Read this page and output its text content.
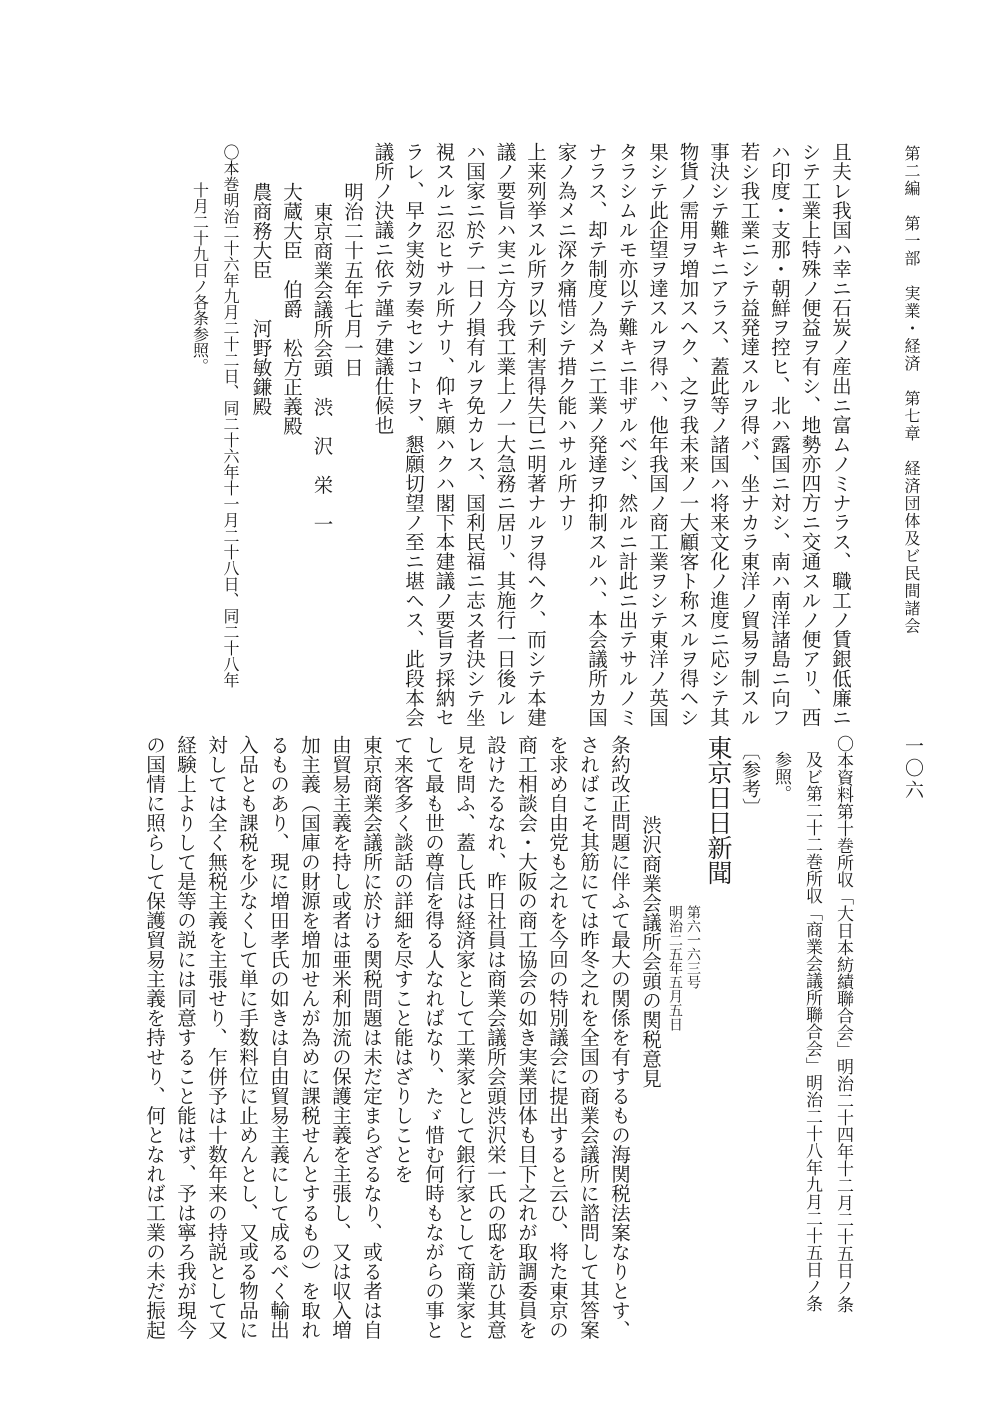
第二編　第一部　実業・経済　第七章　経済団体及ビ民間諸会
一〇六

且夫レ我国ハ幸ニ石炭ノ産出ニ富ムノミナラス、職工ノ賃銀低廉ニ

シテ工業上特殊ノ便益ヲ有シ、地勢亦四方ニ交通スルノ便アリ、西

ハ印度・支那・朝鮮ヲ控ヒ、北ハ露国ニ対シ、南ハ南洋諸島ニ向フ

若シ我工業ニシテ益発達スルヲ得バ、坐ナカラ東洋ノ貿易ヲ制スル

事決シテ難キニアラス、蓋此等ノ諸国ハ将来文化ノ進度ニ応シテ其

物貨ノ需用ヲ増加スヘク、之ヲ我未来ノ一大顧客ト称スルヲ得ヘシ

果シテ此企望ヲ達スルヲ得ハ、他年我国ノ商工業ヲシテ東洋ノ英国

タラシムルモ亦以テ難キニ非ザルベシ、然ルニ計此ニ出テサルノミ

ナラス、却テ制度ノ為メニ工業ノ発達ヲ抑制スルハ、本会議所カ国

家ノ為メニ深ク痛惜シテ措ク能ハサル所ナリ

上来列挙スル所ヲ以テ利害得失已ニ明著ナルヲ得ヘク、而シテ本建

議ノ要旨ハ実ニ方今我工業上ノ一大急務ニ居リ、其施行一日後ルレ

ハ国家ニ於テ一日ノ損有ルヲ免カレス、国利民福ニ志ス者決シテ坐

視スルニ忍ヒサル所ナリ、仰キ願ハクハ閣下本建議ノ要旨ヲ採納セ

ラレ、早ク実効ヲ奏センコトヲ、懇願切望ノ至ニ堪ヘス、此段本会

議所ノ決議ニ依テ謹テ建議仕候也

明治二十五年七月一日

東京商業会議所会頭　渋　沢　栄　一

大蔵大臣　伯爵　松方正義殿

農商務大臣　　河野敏鎌殿

〇本巻明治二十六年九月二十二日、同二十六年十一月二十八日、同二十八年

十月二十九日ノ各条参照。

〇本資料第十巻所収「大日本紡績聯合会」明治二十四年十二月二十五日ノ条

及ビ第二十二巻所収「商業会議所聯合会」明治二十八年九月二十五日ノ条

参照。

〔参考〕

東京日日新聞

第六一六三号

明治二五年五月五日

渋沢商業会議所会頭の関税意見

条約改正問題に伴ふて最大の関係を有するもの海関税法案なりとす、

さればこそ其筋にては昨冬之れを全国の商業会議所に諮問して其答案

を求め自由党も之れを今回の特別議会に提出すると云ひ、将た東京の

商工相談会・大阪の商工協会の如き実業団体も目下之れが取調委員を

設けたるなれ、昨日社員は商業会議所会頭渋沢栄一氏の邸を訪ひ其意

見を問ふ、蓋し氏は経済家として工業家として銀行家として商業家と

して最も世の尊信を得る人なればなり、たゞ惜む何時もながらの事と

て来客多く談話の詳細を尽すこと能はざりしことを

東京商業会議所に於ける関税問題は未だ定まらざるなり、或る者は自

由貿易主義を持し或者は亜米利加流の保護主義を主張し、又は収入増

加主義（国庫の財源を増加せんが為めに課税せんとするもの）を取れ

るものあり、現に増田孝氏の如きは自由貿易主義にして成るべく輸出

入品とも課税を少なくして単に手数料位に止めんとし、又或る物品に

対しては全く無税主義を主張せり、乍併予は十数年来の持説として又

経験上よりして是等の説には同意すること能はず、予は寧ろ我が現今

の国情に照らして保護貿易主義を持せり、何となれば工業の未だ振起
